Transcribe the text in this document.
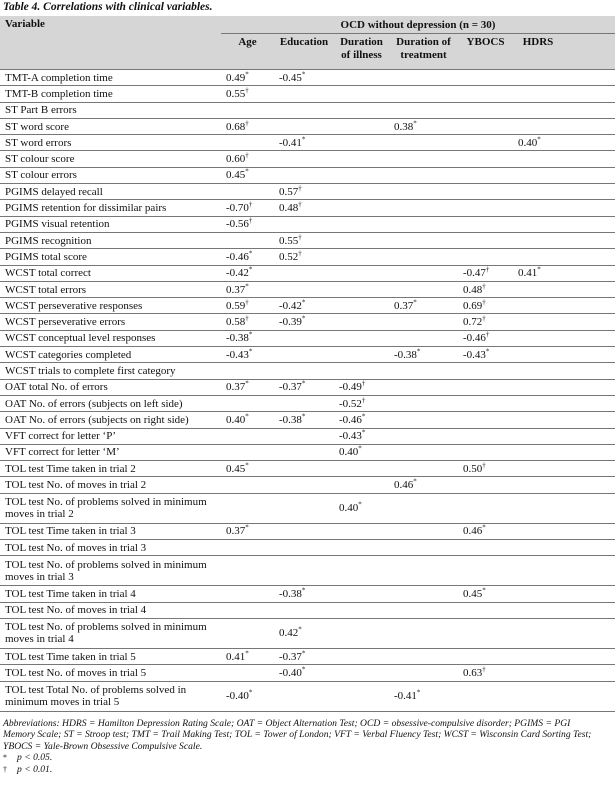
Table 4. Correlations with clinical variables.
Variable	OCD without depression (n = 30)						
	Age	Education	Duration of illness	Duration of treatment	YBOCS	HDRS	
TMT-A completion time	0.49*	-0.45*					
TMT-B completion time	0.55†						
ST Part B errors							
ST word score	0.68†			0.38*			
ST word errors		-0.41*				0.40*	
ST colour score	0.60†						
ST colour errors	0.45*						
PGIMS delayed recall		0.57†					
PGIMS retention for dissimilar pairs	-0.70†	0.48†					
PGIMS visual retention	-0.56†						
PGIMS recognition		0.55†					
PGIMS total score	-0.46*	0.52†					
WCST total correct	-0.42*				-0.47†	0.41*	
WCST total errors	0.37*				0.48†		
WCST perseverative responses	0.59†	-0.42*		0.37*	0.69†		
WCST perseverative errors	0.58†	-0.39*			0.72†		
WCST conceptual level responses	-0.38*				-0.46†		
WCST categories completed	-0.43*			-0.38*	-0.43*		
WCST trials to complete first category							
OAT total No. of errors	0.37*	-0.37*	-0.49†				
OAT No. of errors (subjects on left side)			-0.52†				
OAT No. of errors (subjects on right side)	0.40*	-0.38*	-0.46*				
VFT correct for letter ‘P’			-0.43*				
VFT correct for letter ‘M’			0.40*				
TOL test Time taken in trial 2	0.45*				0.50†		
TOL test No. of moves in trial 2				0.46*			
TOL test No. of problems solved in minimum moves in trial 2			0.40*				
TOL test Time taken in trial 3	0.37*				0.46*		
TOL test No. of moves in trial 3							
TOL test No. of problems solved in minimum moves in trial 3							
TOL test Time taken in trial 4		-0.38*			0.45*		
TOL test No. of moves in trial 4							
TOL test No. of problems solved in minimum moves in trial 4		0.42*					
TOL test Time taken in trial 5	0.41*	-0.37*					
TOL test No. of moves in trial 5		-0.40*			0.63†		
TOL test Total No. of problems solved in minimum moves in trial 5	-0.40*			-0.41*			
Abbreviations: HDRS = Hamilton Depression Rating Scale; OAT = Object Alternation Test; OCD = obsessive-compulsive disorder; PGIMS = PGI Memory Scale; ST = Stroop test; TMT = Trail Making Test; TOL = Tower of London; VFT = Verbal Fluency Test; WCST = Wisconsin Card Sorting Test; YBOCS = Yale-Brown Obsessive Compulsive Scale.
* p < 0.05.
† p < 0.01.
